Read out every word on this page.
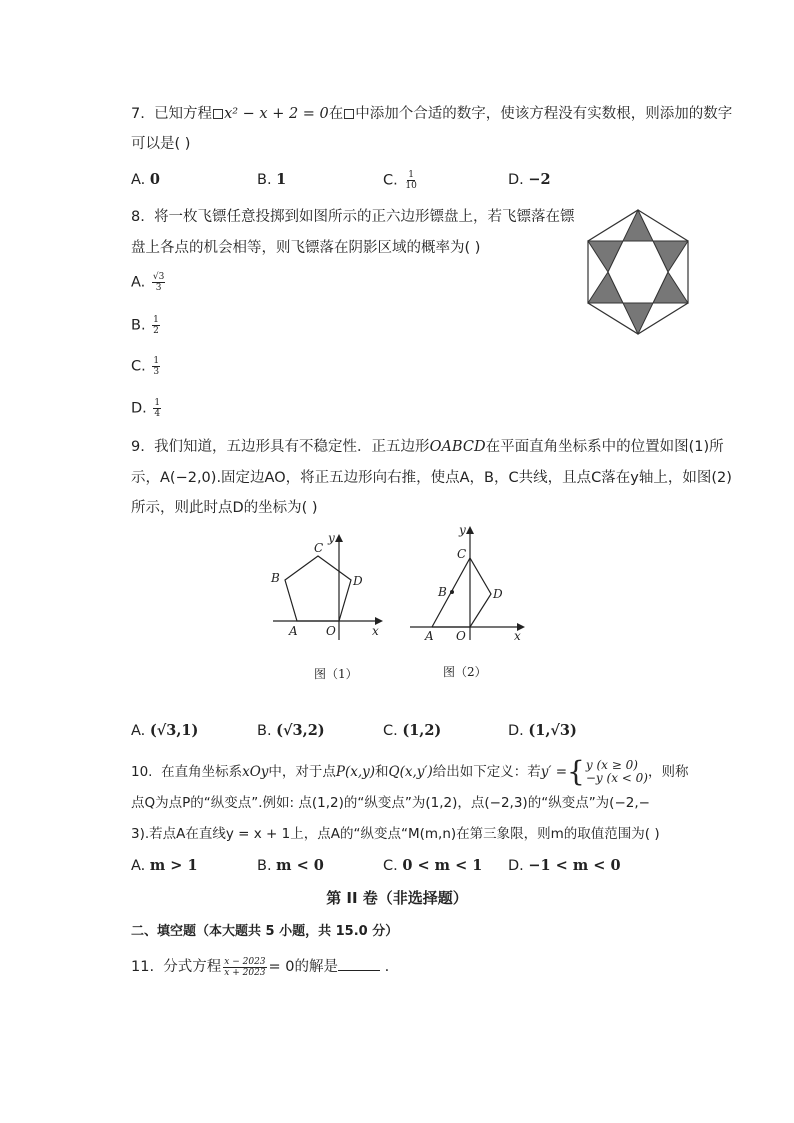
7. 已知方程 x² − x + 2 = 0在 中添加个合适的数字，使该方程没有实数根，则添加的数字
可以是( )
A. 0	B. 1	C. $\frac{1}{10}$	D. −2
8. 将一枚飞镖任意投掷到如图所示的正六边形镖盘上，若飞镖落在镖
盘上各点的机会相等，则飞镖落在阴影区域的概率为( )
A. $\frac{√3}{3}$
B. $\frac{1}{2}$
C. $\frac{1}{3}$
D. $\frac{1}{4}$
9. 我们知道，五边形具有不稳定性．正五边形OABCD在平面直角坐标系中的位置如图(1)所
示，A(−2,0).固定边AO，将正五边形向右推，使点A，B，C共线，且点C落在y轴上，如图(2)
所示，则此时点D的坐标为( )
A O
B
C
D
x
y
图（1）
A O
B
C
D
x
y
图（2）
A. (√3,1)	B. (√3,2)	C. (1,2)	D. (1,√3)
10. 在直角坐标系xOy中，对于点P(x,y)和Q(x,y′)给出如下定义：若y′ = { y (x ≥ 0)
−y (x < 0) ，则称
点Q为点P的“纵变点”.例如: 点(1,2)的“纵变点”为(1,2)，点(−2,3)的“纵变点”为(−2,−
3).若点A在直线y = x + 1上，点A的“纵变点“M(m,n)在第三象限，则m的取值范围为( )
A. m > 1	B. m < 0	C. 0 < m < 1 D. −1 < m < 0
第 II 卷（非选择题）
二、填空题（本大题共 5 小题，共 15.0 分）
11. 分式方程 $\frac{x - 2023}{x + 2023} = 0$的解是	.
